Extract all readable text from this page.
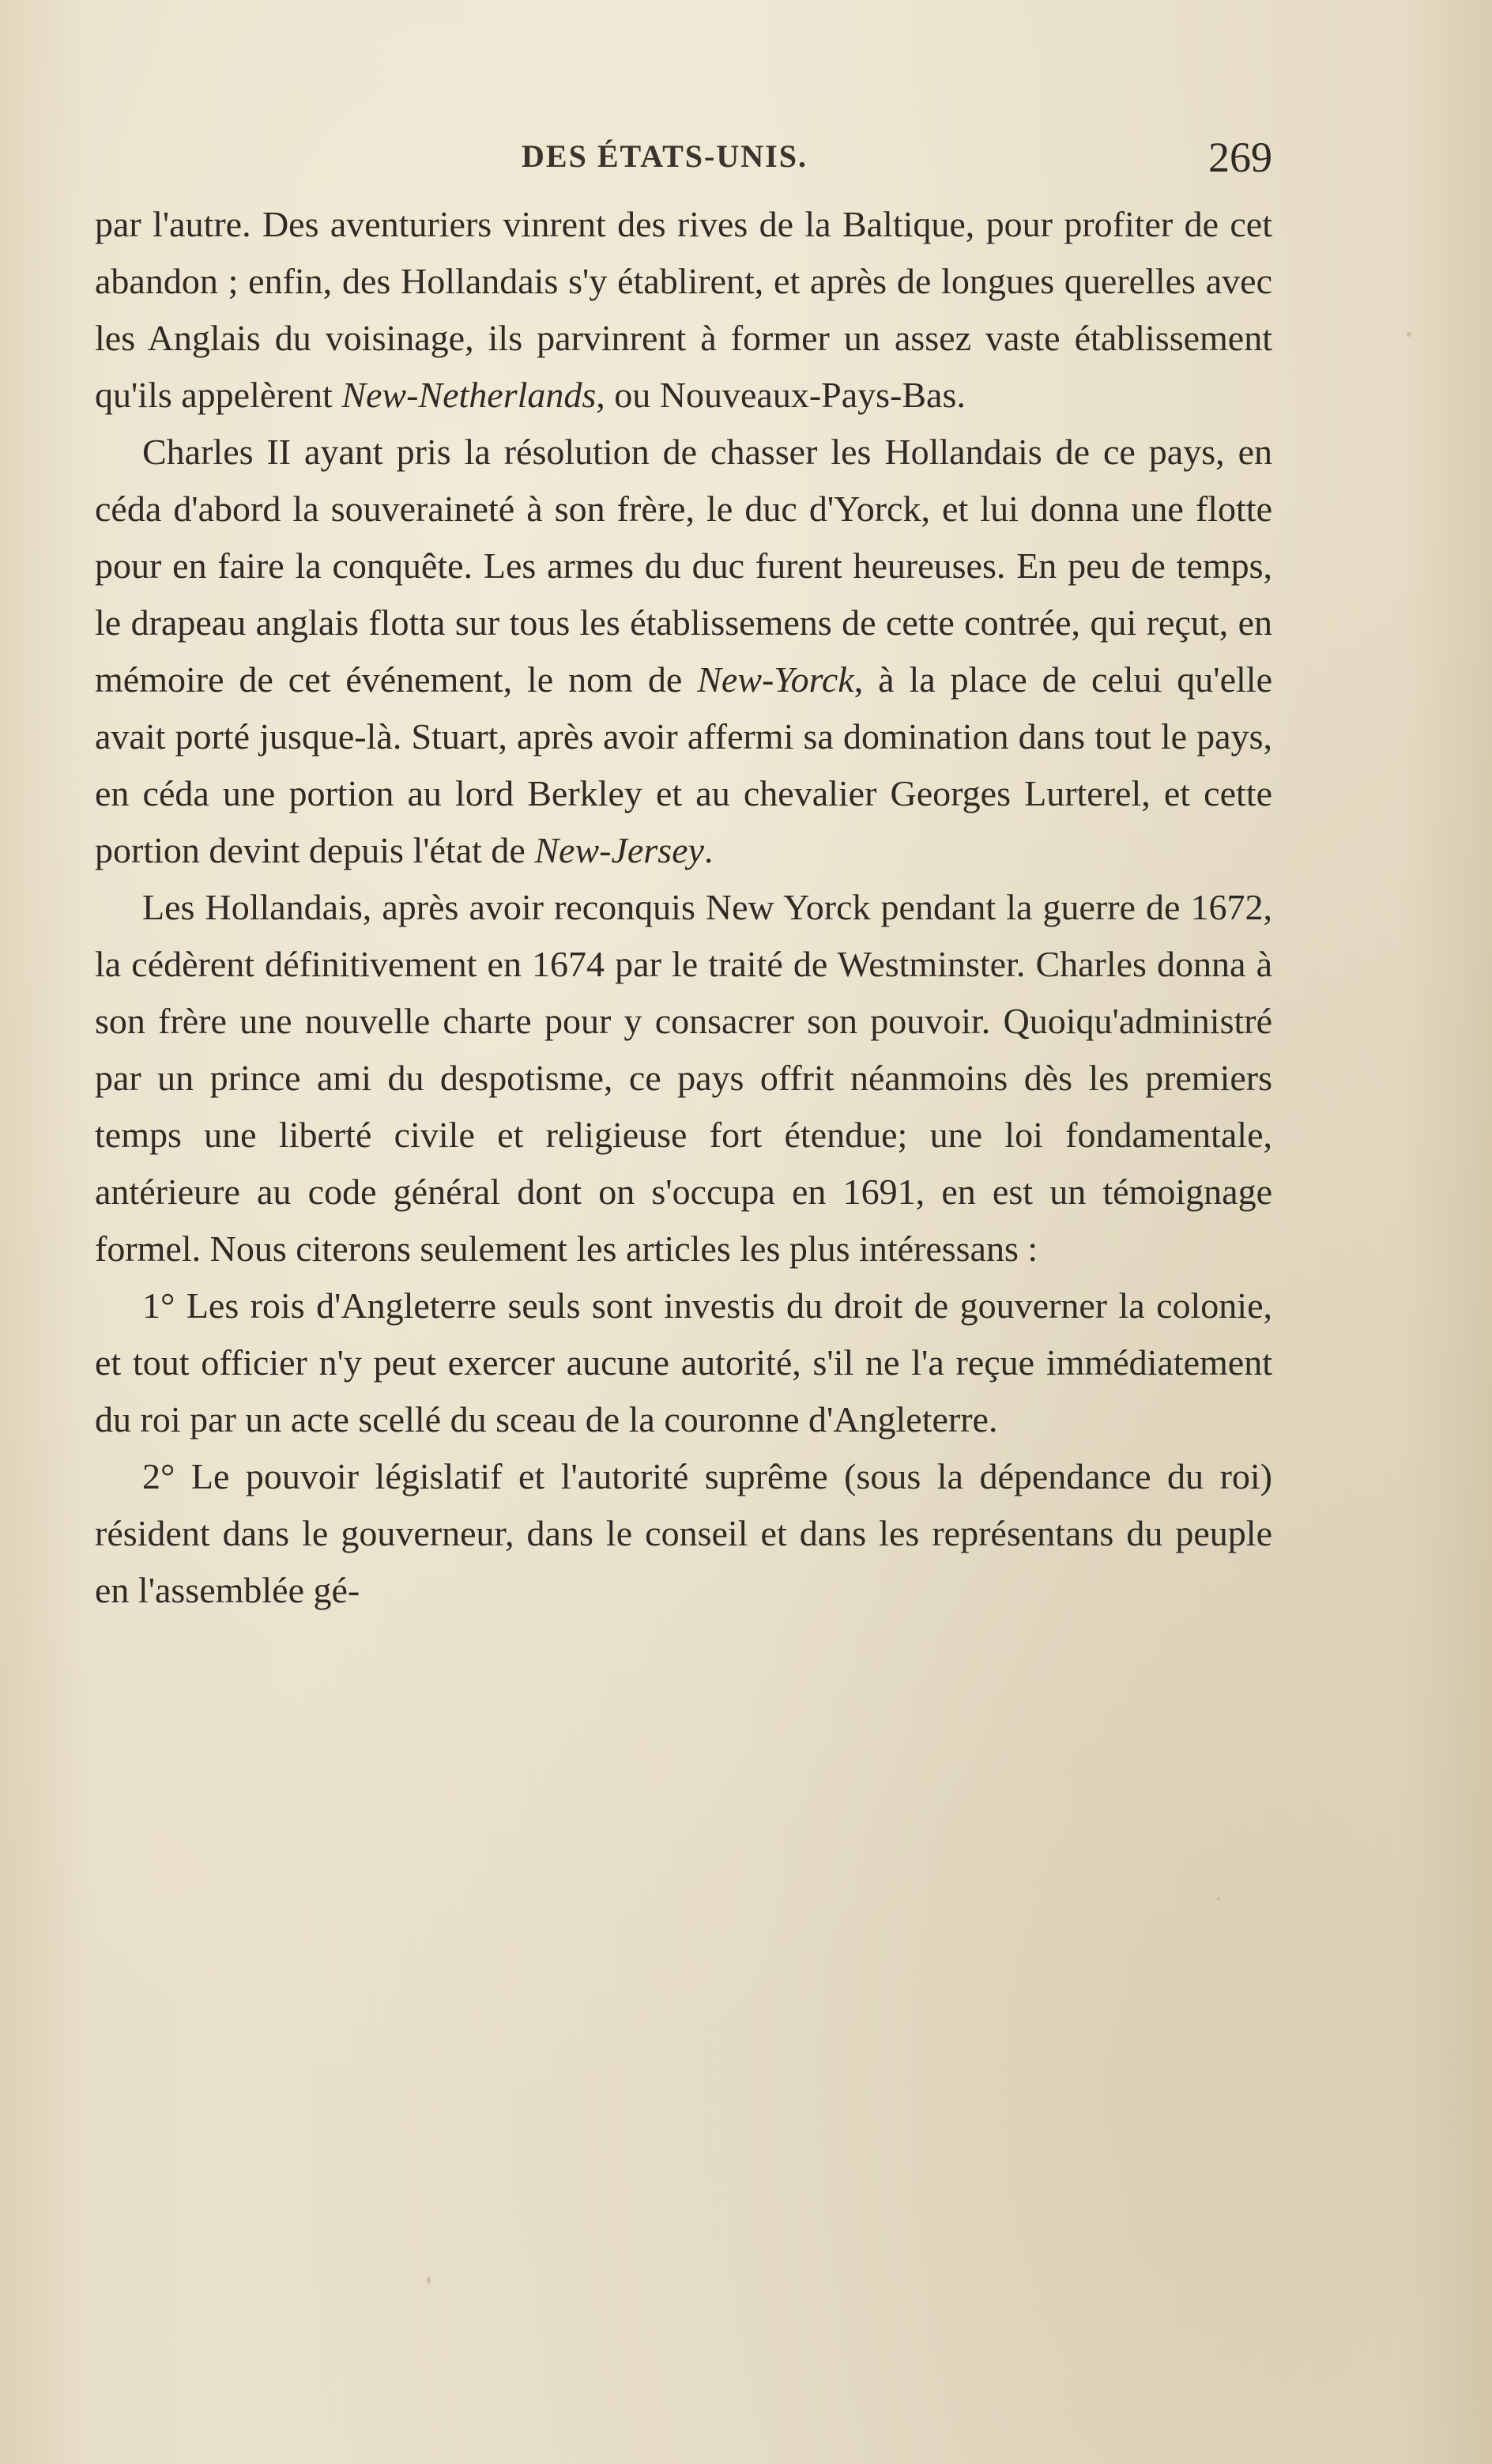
DES ÉTATS-UNIS.	269

par l'autre. Des aventuriers vinrent des rives de la Baltique, pour profiter de cet abandon ; enfin, des Hollandais s'y établirent, et après de longues querelles avec les Anglais du voisinage, ils parvinrent à former un assez vaste établissement qu'ils appelèrent New-Netherlands, ou Nouveaux-Pays-Bas.

Charles II ayant pris la résolution de chasser les Hollandais de ce pays, en céda d'abord la souveraineté à son frère, le duc d'Yorck, et lui donna une flotte pour en faire la conquête. Les armes du duc furent heureuses. En peu de temps, le drapeau anglais flotta sur tous les établissemens de cette contrée, qui reçut, en mémoire de cet événement, le nom de New-Yorck, à la place de celui qu'elle avait porté jusque-là. Stuart, après avoir affermi sa domination dans tout le pays, en céda une portion au lord Berkley et au chevalier Georges Lurterel, et cette portion devint depuis l'état de New-Jersey.

Les Hollandais, après avoir reconquis New Yorck pendant la guerre de 1672, la cédèrent définitivement en 1674 par le traité de Westminster. Charles donna à son frère une nouvelle charte pour y consacrer son pouvoir. Quoiqu'administré par un prince ami du despotisme, ce pays offrit néanmoins dès les premiers temps une liberté civile et religieuse fort étendue; une loi fondamentale, antérieure au code général dont on s'occupa en 1691, en est un témoignage formel. Nous citerons seulement les articles les plus intéressans :

1° Les rois d'Angleterre seuls sont investis du droit de gouverner la colonie, et tout officier n'y peut exercer aucune autorité, s'il ne l'a reçue immédiatement du roi par un acte scellé du sceau de la couronne d'Angleterre.

2° Le pouvoir législatif et l'autorité suprême (sous la dépendance du roi) résident dans le gouverneur, dans le conseil et dans les représentans du peuple en l'assemblée gé-
